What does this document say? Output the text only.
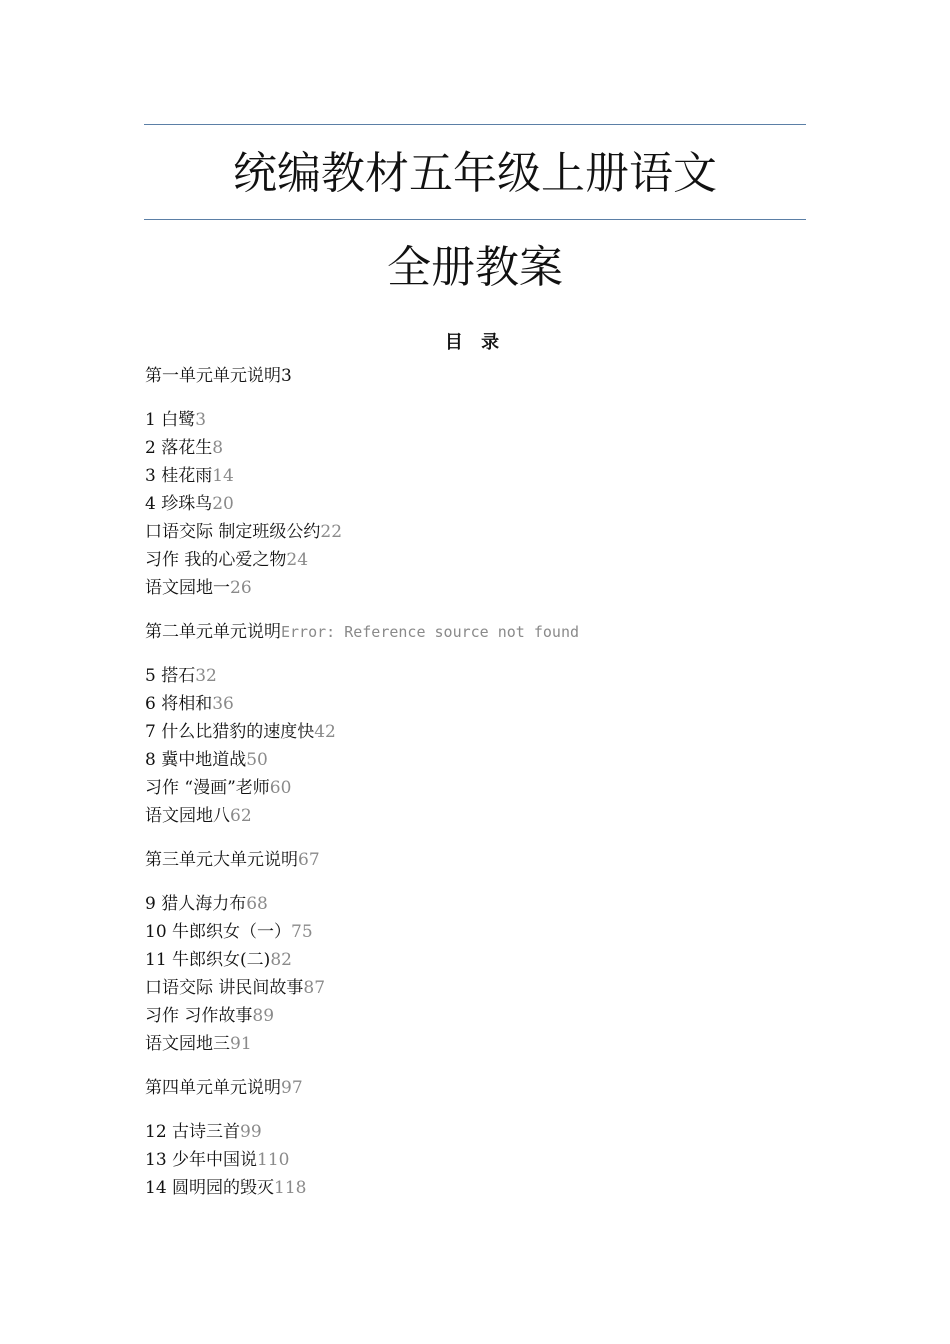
统编教材五年级上册语文
全册教案
目 录
第一单元单元说明3
1 白鹭3
2 落花生8
3 桂花雨14
4 珍珠鸟20
口语交际 制定班级公约22
习作 我的心爱之物24
语文园地一26
第二单元单元说明Error: Reference source not found
5 搭石32
6 将相和36
7 什么比猎豹的速度快42
8 冀中地道战50
习作 “漫画”老师60
语文园地八62
第三单元大单元说明67
9 猎人海力布68
10 牛郎织女（一）75
11 牛郎织女(二)82
口语交际 讲民间故事87
习作 习作故事89
语文园地三91
第四单元单元说明97
12 古诗三首99
13 少年中国说110
14 圆明园的毁灭118
